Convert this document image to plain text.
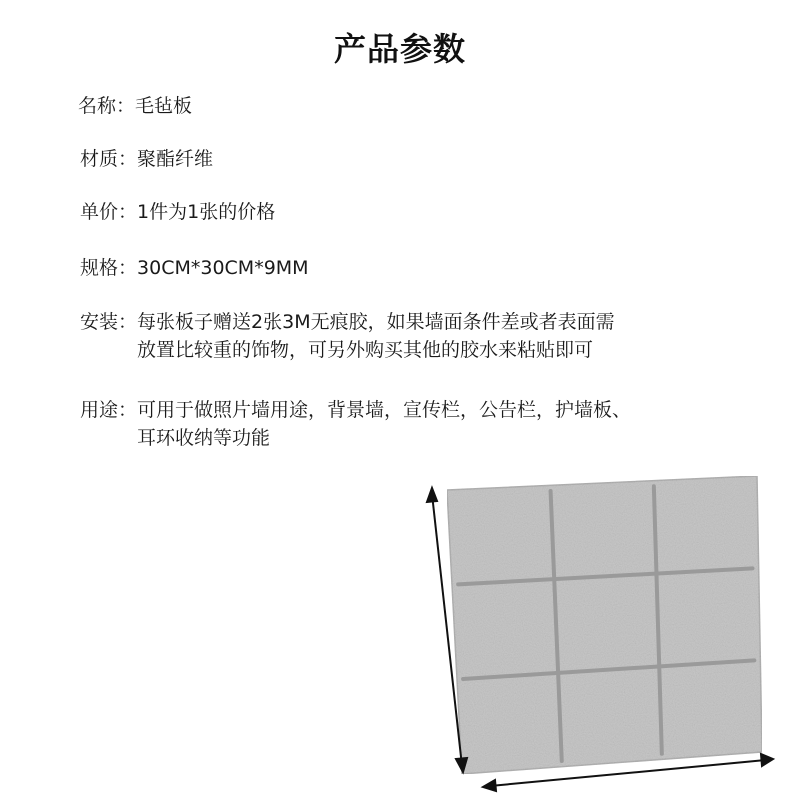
产品参数
名称： 毛毡板
材质： 聚酯纤维
单价： 1件为1张的价格
规格： 30CM*30CM*9MM
安装： 每张板子赠送2张3M无痕胶，如果墙面条件差或者表面需
放置比较重的饰物，可另外购买其他的胶水来粘贴即可
用途： 可用于做照片墙用途，背景墙，宣传栏，公告栏，护墙板、
耳环收纳等功能
